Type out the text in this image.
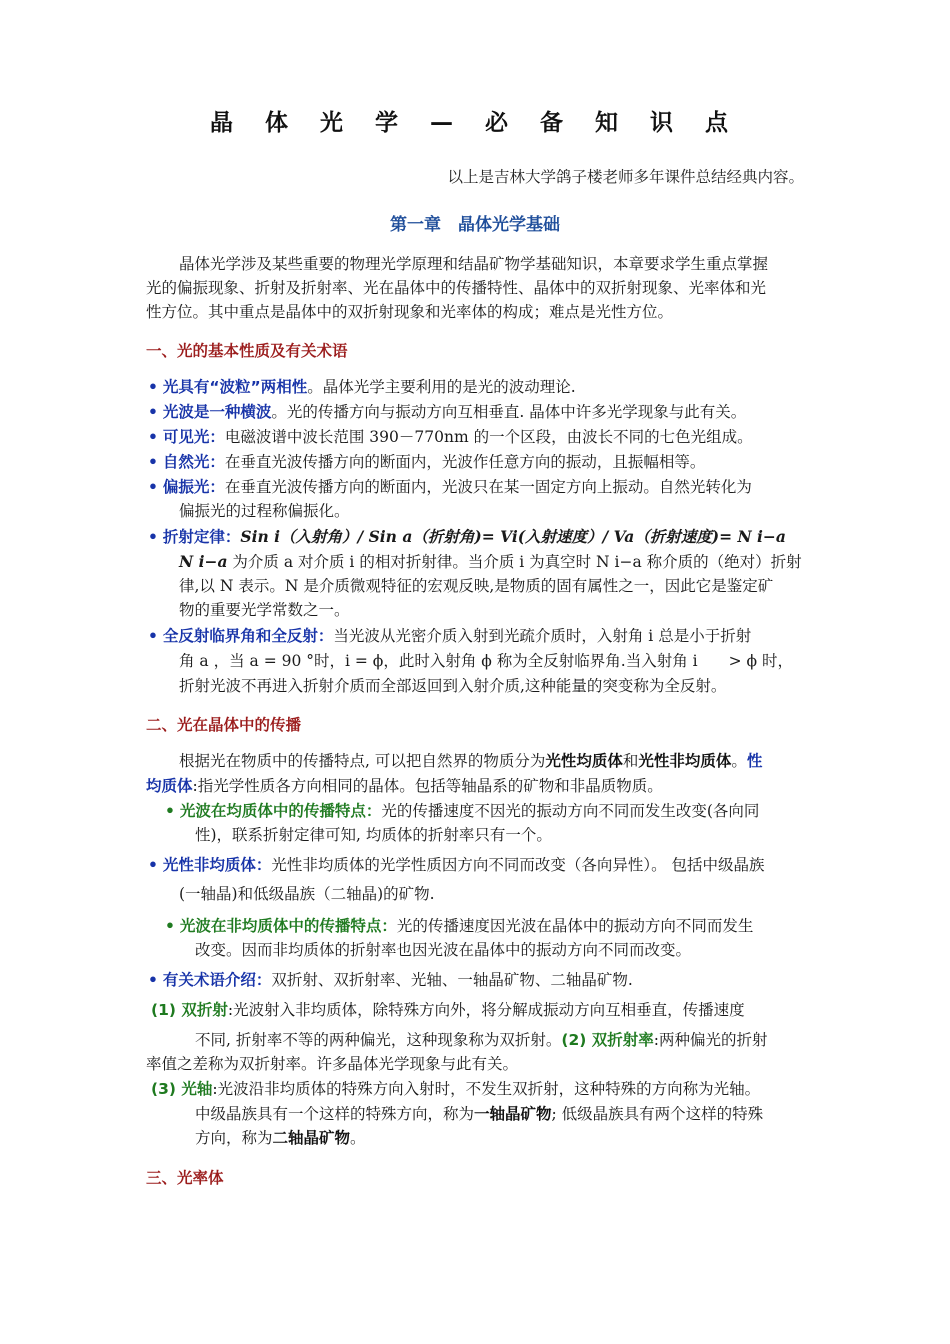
晶 体 光 学 — 必 备 知 识 点
以上是吉林大学鸽子楼老师多年课件总结经典内容。
第一章　晶体光学基础
晶体光学涉及某些重要的物理光学原理和结晶矿物学基础知识，本章要求学生重点掌握
光的偏振现象、折射及折射率、光在晶体中的传播特性、晶体中的双折射现象、光率体和光
性方位。其中重点是晶体中的双折射现象和光率体的构成；难点是光性方位。
一、光的基本性质及有关术语
• 光具有“波粒”两相性。晶体光学主要利用的是光的波动理论.
• 光波是一种横波。光的传播方向与振动方向互相垂直. 晶体中许多光学现象与此有关。
• 可见光：电磁波谱中波长范围 390－770nm 的一个区段，由波长不同的七色光组成。
• 自然光：在垂直光波传播方向的断面内，光波作任意方向的振动，且振幅相等。
• 偏振光：在垂直光波传播方向的断面内，光波只在某一固定方向上振动。自然光转化为
偏振光的过程称偏振化。
• 折射定律：Sin i（入射角）/ Sin a（折射角)= Vi(入射速度）/ Va（折射速度)= N i−a
N i−a 为介质 a 对介质 i 的相对折射律。当介质 i 为真空时 N i−a 称介质的（绝对）折射
律,以 N 表示。N 是介质微观特征的宏观反映,是物质的固有属性之一，因此它是鉴定矿
物的重要光学常数之一。
• 全反射临界角和全反射：当光波从光密介质入射到光疏介质时，入射角 i 总是小于折射
角 a ，当 a = 90 °时，i = ϕ，此时入射角 ϕ 称为全反射临界角.当入射角 i　　> ϕ 时，
折射光波不再进入折射介质而全部返回到入射介质,这种能量的突变称为全反射。
二、光在晶体中的传播
根据光在物质中的传播特点, 可以把自然界的物质分为光性均质体和光性非均质体。性
均质体:指光学性质各方向相同的晶体。包括等轴晶系的矿物和非晶质物质。
• 光波在均质体中的传播特点：光的传播速度不因光的振动方向不同而发生改变(各向同
性)，联系折射定律可知, 均质体的折射率只有一个。
• 光性非均质体：光性非均质体的光学性质因方向不同而改变（各向异性）。 包括中级晶族
(一轴晶)和低级晶族（二轴晶)的矿物.
• 光波在非均质体中的传播特点：光的传播速度因光波在晶体中的振动方向不同而发生
改变。因而非均质体的折射率也因光波在晶体中的振动方向不同而改变。
• 有关术语介绍：双折射、双折射率、光轴、一轴晶矿物、二轴晶矿物.
(1) 双折射:光波射入非均质体，除特殊方向外，将分解成振动方向互相垂直，传播速度
不同, 折射率不等的两种偏光，这种现象称为双折射。(2) 双折射率:两种偏光的折射
率值之差称为双折射率。许多晶体光学现象与此有关。
(3) 光轴:光波沿非均质体的特殊方向入射时，不发生双折射，这种特殊的方向称为光轴。
中级晶族具有一个这样的特殊方向，称为一轴晶矿物; 低级晶族具有两个这样的特殊
方向，称为二轴晶矿物。
三、光率体
